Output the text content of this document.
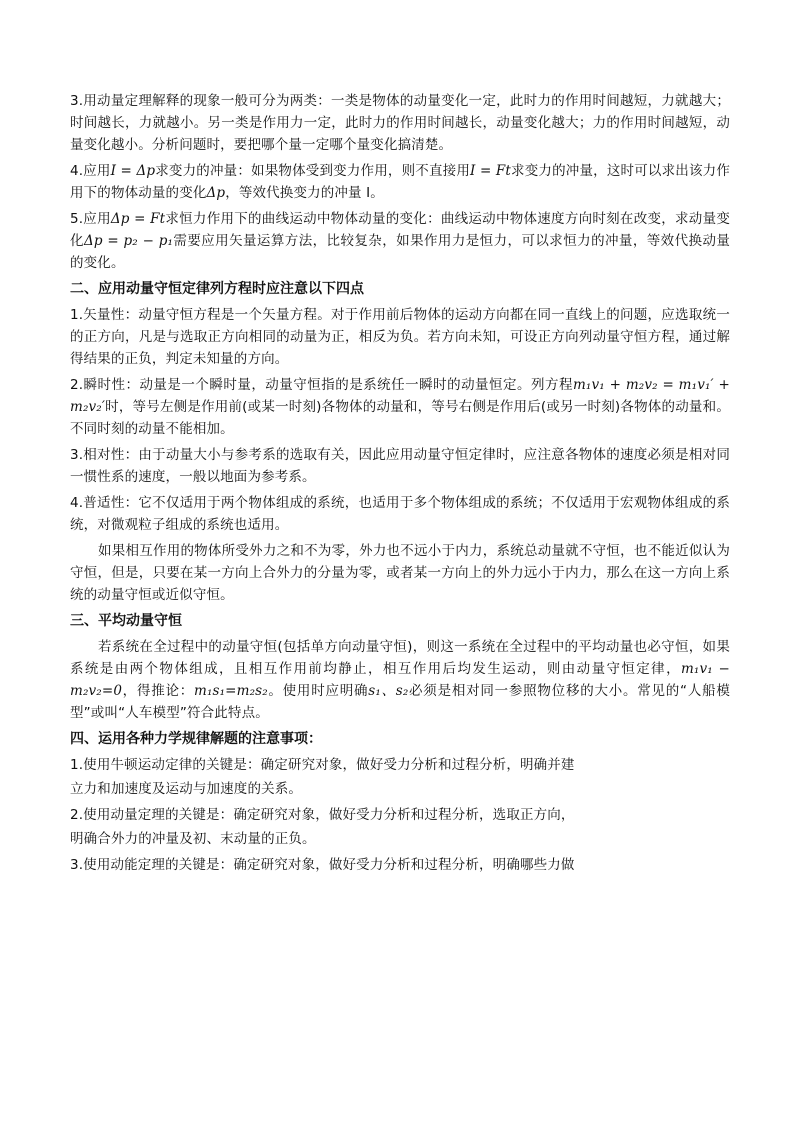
3.用动量定理解释的现象一般可分为两类：一类是物体的动量变化一定，此时力的作用时间越短，力就越大；时间越长，力就越小。另一类是作用力一定，此时力的作用时间越长，动量变化越大；力的作用时间越短，动量变化越小。分析问题时，要把哪个量一定哪个量变化搞清楚。

4.应用I = Δp求变力的冲量：如果物体受到变力作用，则不直接用I = Ft求变力的冲量，这时可以求出该力作用下的物体动量的变化Δp，等效代换变力的冲量 I。

5.应用Δp = Ft求恒力作用下的曲线运动中物体动量的变化：曲线运动中物体速度方向时刻在改变，求动量变化Δp = p₂ − p₁需要应用矢量运算方法，比较复杂，如果作用力是恒力，可以求恒力的冲量，等效代换动量的变化。

二、应用动量守恒定律列方程时应注意以下四点

1.矢量性：动量守恒方程是一个矢量方程。对于作用前后物体的运动方向都在同一直线上的问题，应选取统一的正方向，凡是与选取正方向相同的动量为正，相反为负。若方向未知，可设正方向列动量守恒方程，通过解得结果的正负，判定未知量的方向。

2.瞬时性：动量是一个瞬时量，动量守恒指的是系统任一瞬时的动量恒定。列方程m₁v₁ + m₂v₂ = m₁v₁′ + m₂v₂′时，等号左侧是作用前(或某一时刻)各物体的动量和，等号右侧是作用后(或另一时刻)各物体的动量和。不同时刻的动量不能相加。

3.相对性：由于动量大小与参考系的选取有关，因此应用动量守恒定律时，应注意各物体的速度必须是相对同一惯性系的速度，一般以地面为参考系。

4.普适性：它不仅适用于两个物体组成的系统，也适用于多个物体组成的系统；不仅适用于宏观物体组成的系统，对微观粒子组成的系统也适用。

如果相互作用的物体所受外力之和不为零，外力也不远小于内力，系统总动量就不守恒，也不能近似认为守恒，但是，只要在某一方向上合外力的分量为零，或者某一方向上的外力远小于内力，那么在这一方向上系统的动量守恒或近似守恒。

三、平均动量守恒

若系统在全过程中的动量守恒(包括单方向动量守恒)，则这一系统在全过程中的平均动量也必守恒，如果系统是由两个物体组成，且相互作用前均静止，相互作用后均发生运动，则由动量守恒定律，m₁v₁ − m₂v₂=0，得推论：m₁s₁=m₂s₂。使用时应明确s₁、s₂必须是相对同一参照物位移的大小。常见的“人船模型”或叫“人车模型”符合此特点。

四、运用各种力学规律解题的注意事项：

1.使用牛顿运动定律的关键是：确定研究对象，做好受力分析和过程分析，明确并建

立力和加速度及运动与加速度的关系。

2.使用动量定理的关键是：确定研究对象，做好受力分析和过程分析，选取正方向，

明确合外力的冲量及初、末动量的正负。

3.使用动能定理的关键是：确定研究对象，做好受力分析和过程分析，明确哪些力做
